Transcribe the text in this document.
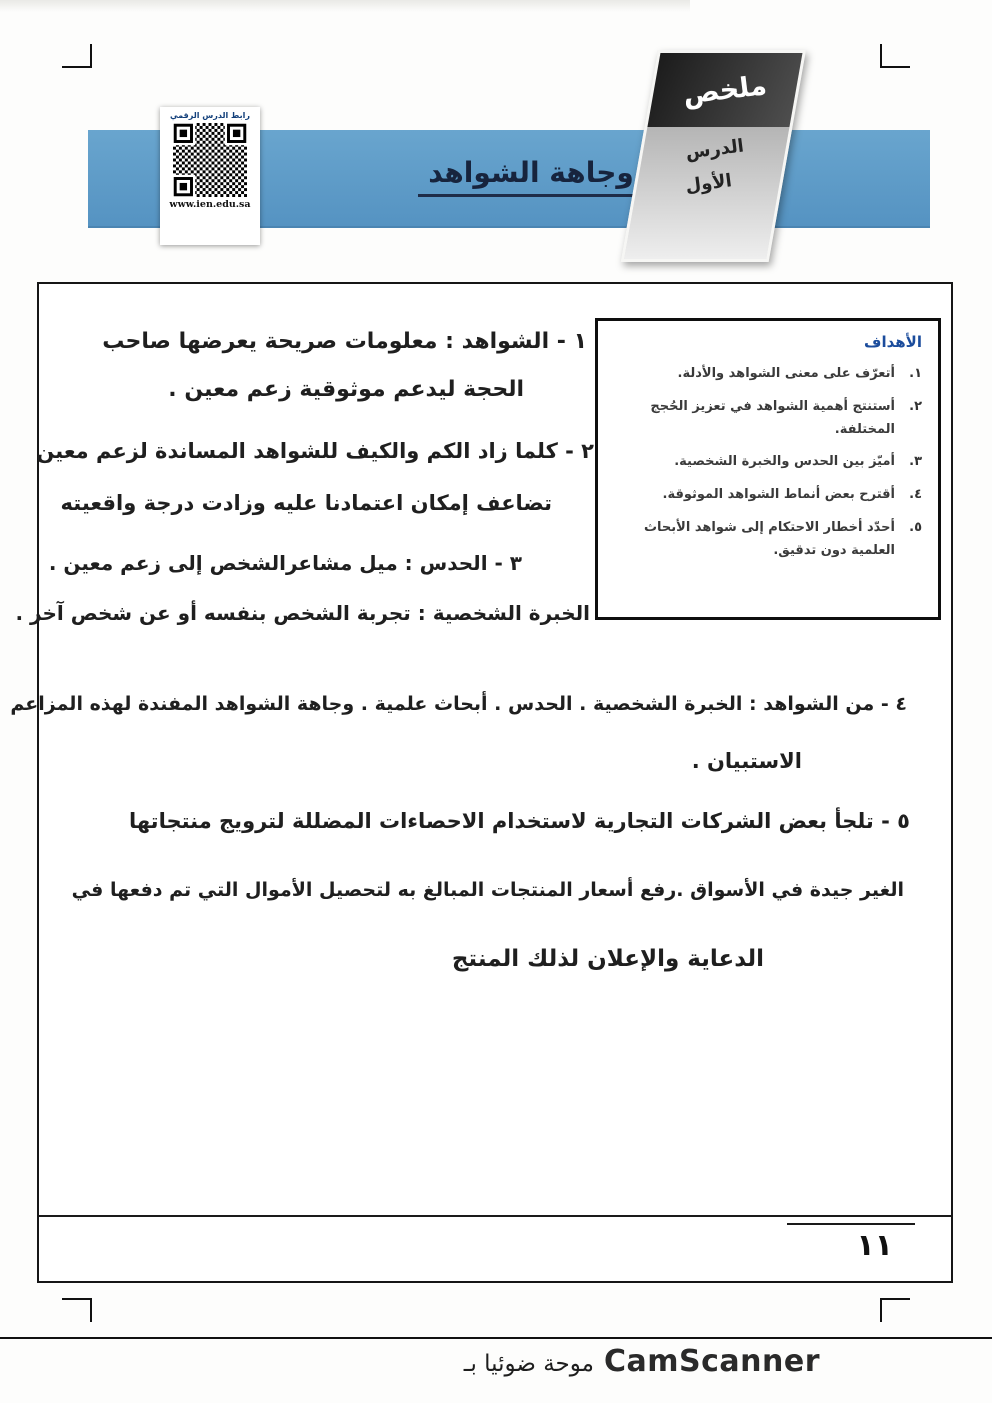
رابط الدرس الرقمي
www.ien.edu.sa
وجاهة الشواهد
ملخص
الدرس
الأول
الأهداف
١.
أتعرّف على معنى الشواهد والأدلة.
٢.
أستنتج أهمية الشواهد في تعزيز الحُجج المختلفة.
٣.
أميّز بين الحدس والخبرة الشخصية.
٤.
أقترح بعض أنماط الشواهد الموثوقة.
٥.
أحدّد أخطار الاحتكام إلى شواهد الأبحاث العلمية دون تدقيق.
١ - الشواهد : معلومات صريحة يعرضها صاحب
الحجة ليدعم موثوقية زعم معين .
٢ - كلما زاد الكم والكيف للشواهد المساندة لزعم معين
تضاعف إمكان اعتمادنا عليه وزادت درجة واقعيته
٣ - الحدس : ميل مشاعرالشخص إلى زعم معين .
الخبرة الشخصية : تجربة الشخص بنفسه أو عن شخص آخر .
٤ - من الشواهد : الخبرة الشخصية . الحدس . أبحاث علمية . وجاهة الشواهد المفندة لهذه المزاعم
الاستبيان .
٥ - تلجأ بعض الشركات التجارية لاستخدام الاحصاءات المضللة لترويج منتجاتها
الغير جيدة في الأسواق .رفع أسعار المنتجات المبالغ به لتحصيل الأموال التي تم دفعها في
الدعاية والإعلان لذلك المنتج
١١
موحة ضوئيا بـ CamScanner
